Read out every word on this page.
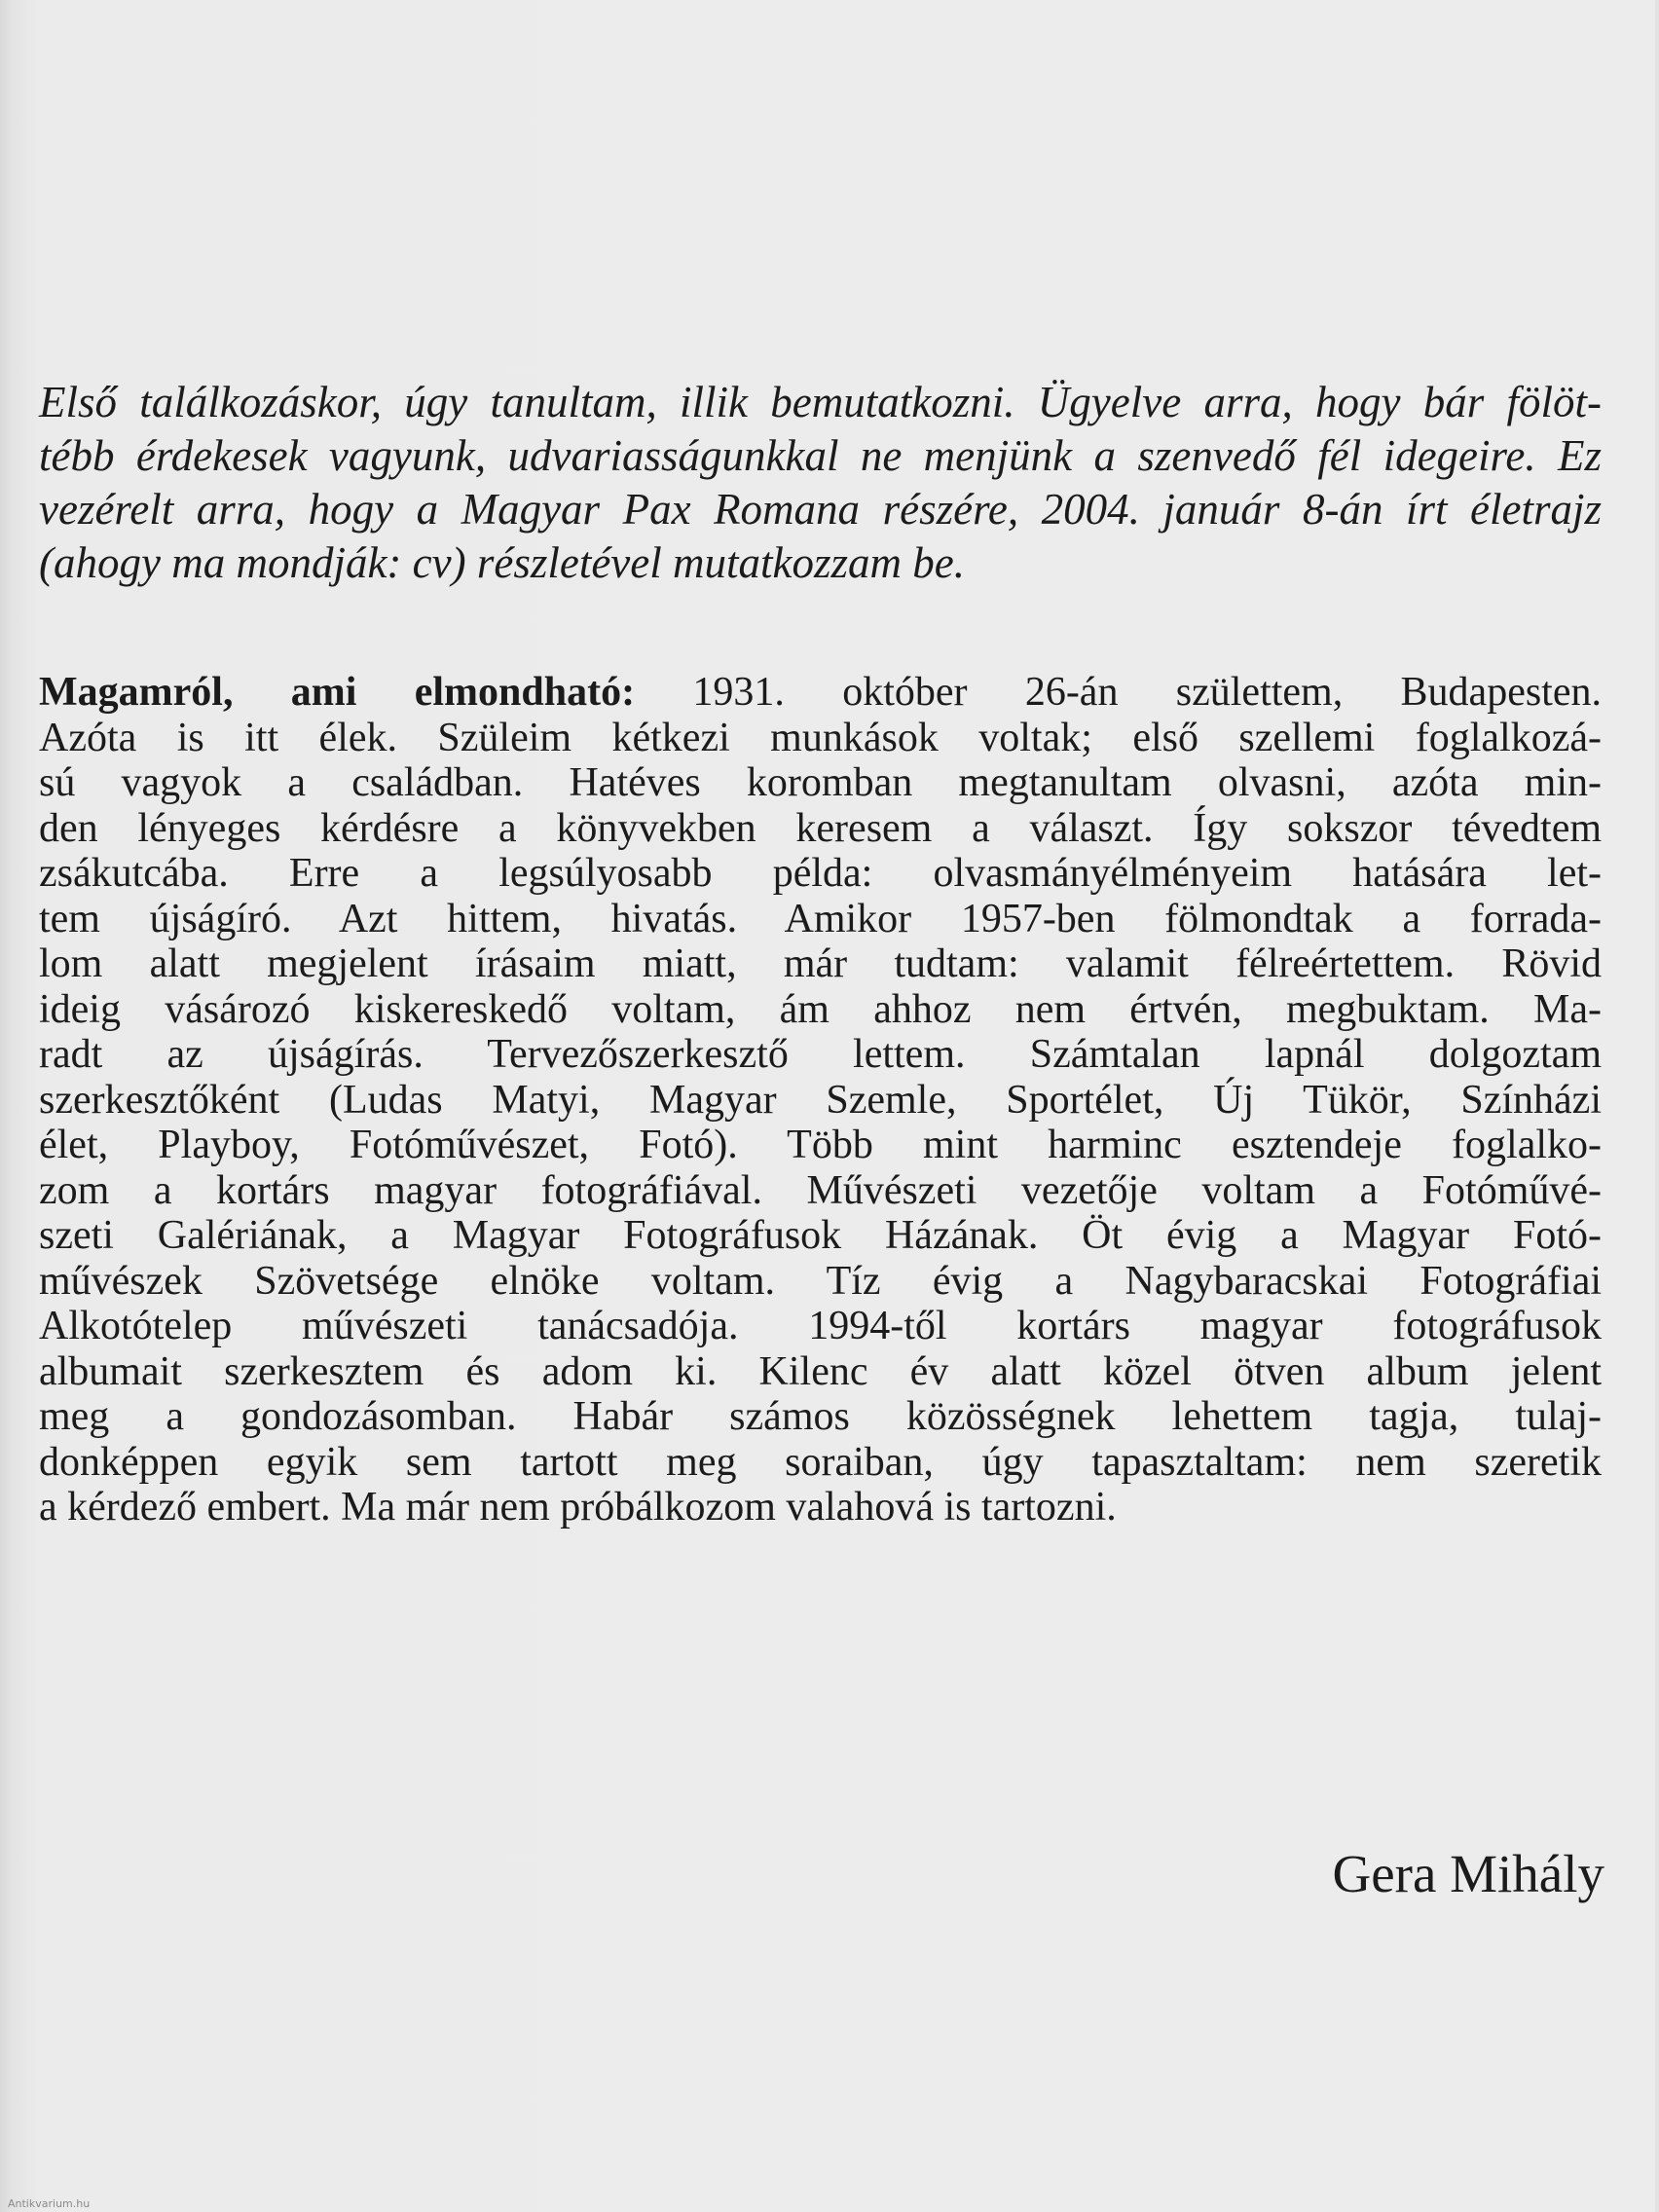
Első találkozáskor, úgy tanultam, illik bemutatkozni. Ügyelve arra, hogy bár fölöt-
tébb érdekesek vagyunk, udvariasságunkkal ne menjünk a szenvedő fél idegeire. Ez
vezérelt arra, hogy a Magyar Pax Romana részére, 2004. január 8-án írt életrajz
(ahogy ma mondják: cv) részletével mutatkozzam be.

Magamról, ami elmondható: 1931. október 26-án születtem, Budapesten.
Azóta is itt élek. Szüleim kétkezi munkások voltak; első szellemi foglalkozá-
sú vagyok a családban. Hatéves koromban megtanultam olvasni, azóta min-
den lényeges kérdésre a könyvekben keresem a választ. Így sokszor tévedtem
zsákutcába. Erre a legsúlyosabb példa: olvasmányélményeim hatására let-
tem újságíró. Azt hittem, hivatás. Amikor 1957-ben fölmondtak a forrada-
lom alatt megjelent írásaim miatt, már tudtam: valamit félreértettem. Rövid
ideig vásározó kiskereskedő voltam, ám ahhoz nem értvén, megbuktam. Ma-
radt az újságírás. Tervezőszerkesztő lettem. Számtalan lapnál dolgoztam
szerkesztőként (Ludas Matyi, Magyar Szemle, Sportélet, Új Tükör, Színházi
élet, Playboy, Fotóművészet, Fotó). Több mint harminc esztendeje foglalko-
zom a kortárs magyar fotográfiával. Művészeti vezetője voltam a Fotóművé-
szeti Galériának, a Magyar Fotográfusok Házának. Öt évig a Magyar Fotó-
művészek Szövetsége elnöke voltam. Tíz évig a Nagybaracskai Fotográfiai
Alkotótelep művészeti tanácsadója. 1994-től kortárs magyar fotográfusok
albumait szerkesztem és adom ki. Kilenc év alatt közel ötven album jelent
meg a gondozásomban. Habár számos közösségnek lehettem tagja, tulaj-
donképpen egyik sem tartott meg soraiban, úgy tapasztaltam: nem szeretik
a kérdező embert. Ma már nem próbálkozom valahová is tartozni.

Gera Mihály

Antikvarium.hu
